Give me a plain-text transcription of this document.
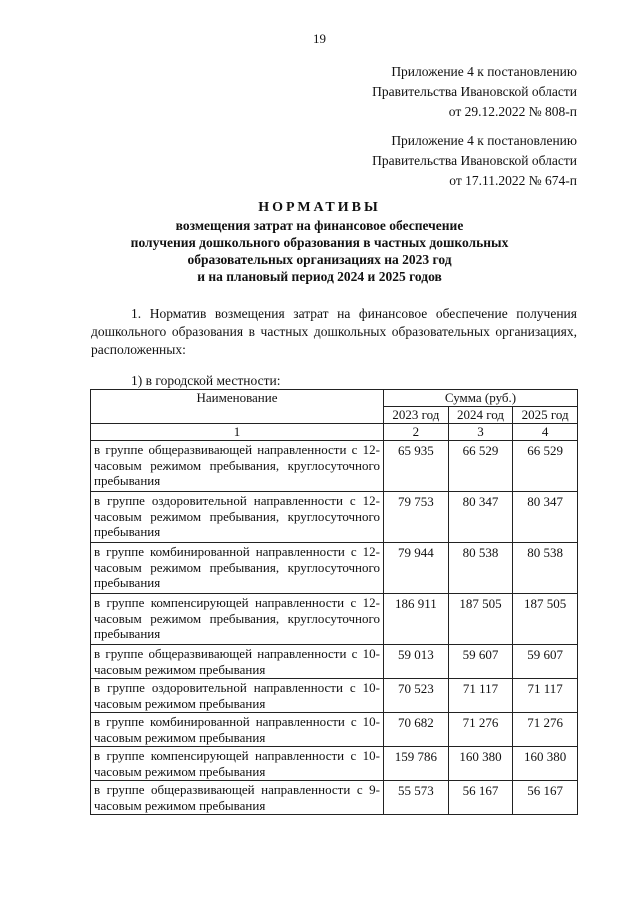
19
Приложение 4 к постановлению
Правительства Ивановской области
от 29.12.2022 № 808-п
Приложение 4 к постановлению
Правительства Ивановской области
от 17.11.2022 № 674-п
НОРМАТИВЫ
возмещения затрат на финансовое обеспечение
получения дошкольного образования в частных дошкольных
образовательных организациях на 2023 год
и на плановый период 2024 и 2025 годов
1. Норматив возмещения затрат на финансовое обеспечение получения дошкольного образования в частных дошкольных образовательных организациях, расположенных:
1) в городской местности:
Наименование	Сумма (руб.)		
	2023 год	2024 год	2025 год
1	2	3	4
в группе общеразвивающей направленности с 12-часовым режимом пребывания, круглосуточного пребывания	65 935	66 529	66 529
в группе оздоровительной направленности с 12-часовым режимом пребывания, круглосуточного пребывания	79 753	80 347	80 347
в группе комбинированной направленности с 12-часовым режимом пребывания, круглосуточного пребывания	79 944	80 538	80 538
в группе компенсирующей направленности с 12-часовым режимом пребывания, круглосуточного пребывания	186 911	187 505	187 505
в группе общеразвивающей направленности с 10-часовым режимом пребывания	59 013	59 607	59 607
в группе оздоровительной направленности с 10-часовым режимом пребывания	70 523	71 117	71 117
в группе комбинированной направленности с 10-часовым режимом пребывания	70 682	71 276	71 276
в группе компенсирующей направленности с 10-часовым режимом пребывания	159 786	160 380	160 380
в группе общеразвивающей направленности с 9-часовым режимом пребывания	55 573	56 167	56 167
